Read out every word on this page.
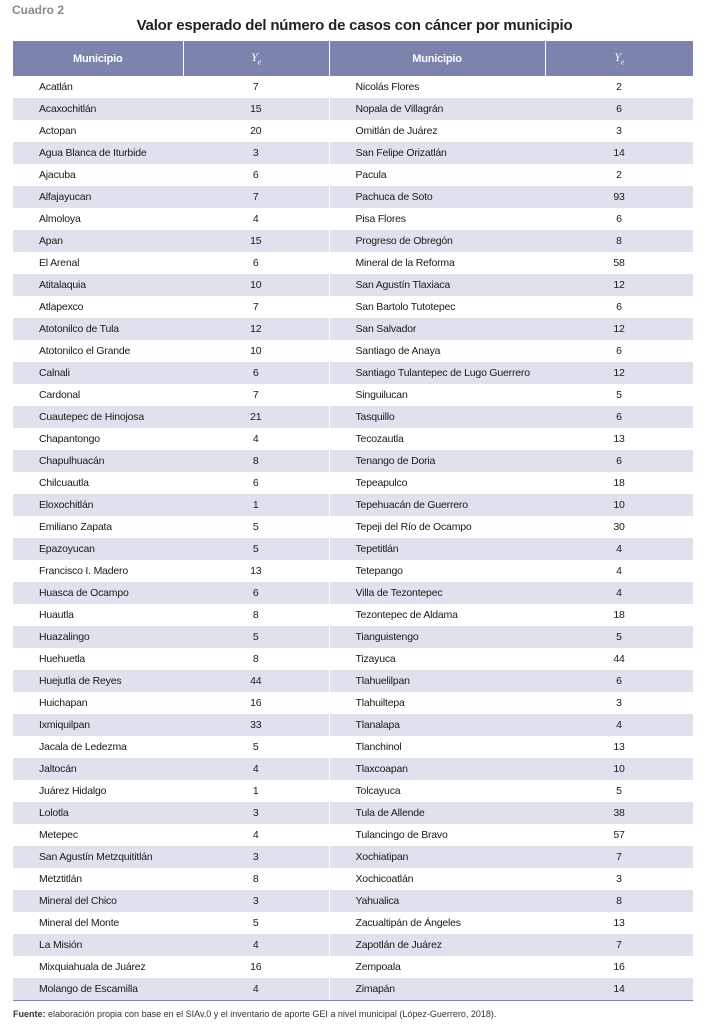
Cuadro 2
Valor esperado del número de casos con cáncer por municipio
Municipio	$Y_e$	Municipio	$Y_e$
Acatlán	7	Nicolás Flores	2
Acaxochitlán	15	Nopala de Villagrán	6
Actopan	20	Omitlán de Juárez	3
Agua Blanca de Iturbide	3	San Felipe Orizatlán	14
Ajacuba	6	Pacula	2
Alfajayucan	7	Pachuca de Soto	93
Almoloya	4	Pisa Flores	6
Apan	15	Progreso de Obregón	8
El Arenal	6	Mineral de la Reforma	58
Atitalaquia	10	San Agustín Tlaxiaca	12
Atlapexco	7	San Bartolo Tutotepec	6
Atotonilco de Tula	12	San Salvador	12
Atotonilco el Grande	10	Santiago de Anaya	6
Calnali	6	Santiago Tulantepec de Lugo Guerrero	12
Cardonal	7	Singuilucan	5
Cuautepec de Hinojosa	21	Tasquillo	6
Chapantongo	4	Tecozautla	13
Chapulhuacán	8	Tenango de Doria	6
Chilcuautla	6	Tepeapulco	18
Eloxochitlán	1	Tepehuacán de Guerrero	10
Emiliano Zapata	5	Tepeji del Río de Ocampo	30
Epazoyucan	5	Tepetitlán	4
Francisco I. Madero	13	Tetepango	4
Huasca de Ocampo	6	Villa de Tezontepec	4
Huautla	8	Tezontepec de Aldama	18
Huazalingo	5	Tianguistengo	5
Huehuetla	8	Tizayuca	44
Huejutla de Reyes	44	Tlahuelilpan	6
Huichapan	16	Tlahuiltepa	3
Ixmiquilpan	33	Tlanalapa	4
Jacala de Ledezma	5	Tlanchinol	13
Jaltocán	4	Tlaxcoapan	10
Juárez Hidalgo	1	Tolcayuca	5
Lolotla	3	Tula de Allende	38
Metepec	4	Tulancingo de Bravo	57
San Agustín Metzquititlán	3	Xochiatipan	7
Metztitlán	8	Xochicoatlán	3
Mineral del Chico	3	Yahualica	8
Mineral del Monte	5	Zacualtipán de Ángeles	13
La Misión	4	Zapotlán de Juárez	7
Mixquiahuala de Juárez	16	Zempoala	16
Molango de Escamilla	4	Zimapán	14
Fuente: elaboración propia con base en el SIAv.0 y el inventario de aporte GEI a nivel municipal (López-Guerrero, 2018).
